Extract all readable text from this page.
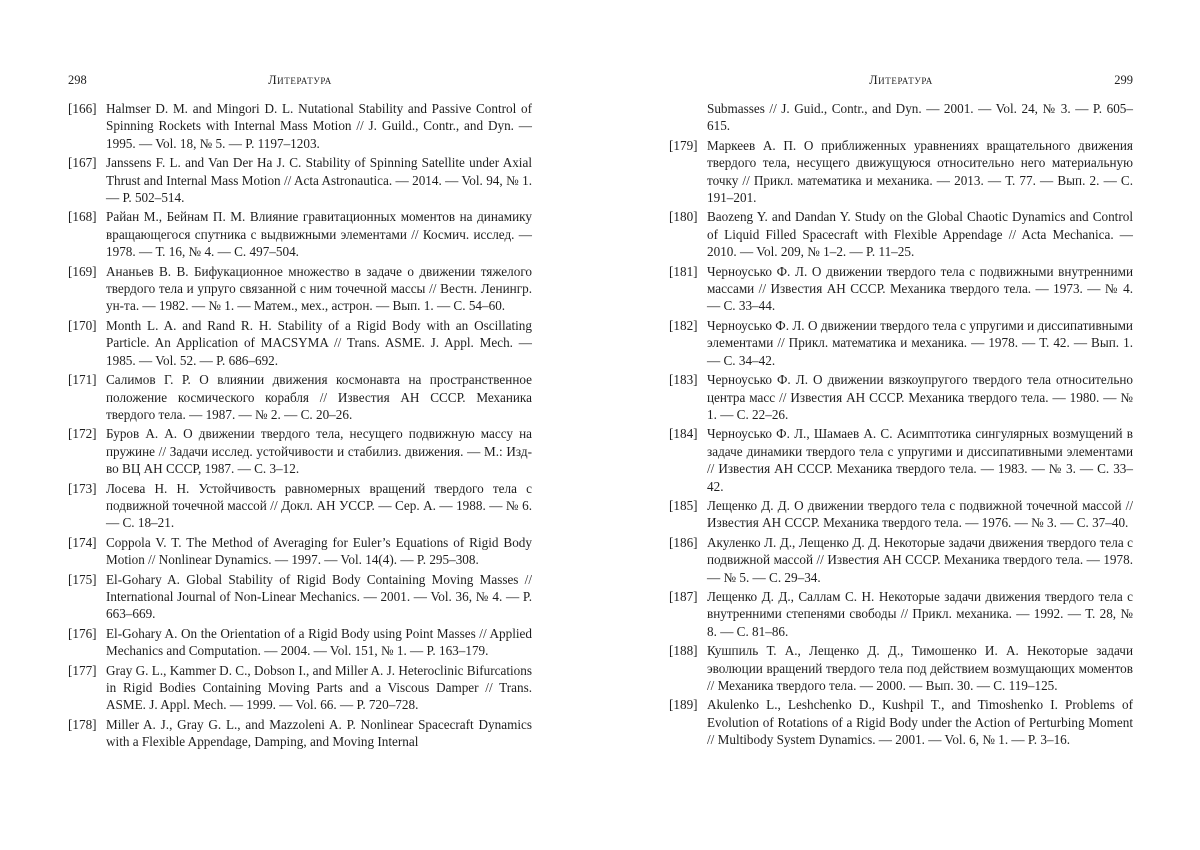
298	Литература
[166] Halmser D. M. and Mingori D. L. Nutational Stability and Passive Control of Spinning Rockets with Internal Mass Motion // J. Guild., Contr., and Dyn. — 1995. — Vol. 18, № 5. — P. 1197–1203.
[167] Janssens F. L. and Van Der Ha J. C. Stability of Spinning Satellite under Axial Thrust and Internal Mass Motion // Acta Astronautica. — 2014. — Vol. 94, № 1. — P. 502–514.
[168] Райан М., Бейнам П. М. Влияние гравитационных моментов на динамику вращающегося спутника с выдвижными элементами // Космич. исслед. — 1978. — Т. 16, № 4. — С. 497–504.
[169] Ананьев В. В. Бифукационное множество в задаче о движении тяжелого твердого тела и упруго связанной с ним точечной массы // Вестн. Ленингр. ун-та. — 1982. — № 1. — Матем., мех., астрон. — Вып. 1. — С. 54–60.
[170] Month L. A. and Rand R. H. Stability of a Rigid Body with an Oscillating Particle. An Application of MACSYMA // Trans. ASME. J. Appl. Mech. — 1985. — Vol. 52. — P. 686–692.
[171] Салимов Г. Р. О влиянии движения космонавта на пространственное положение космического корабля // Известия АН СССР. Механика твердого тела. — 1987. — № 2. — С. 20–26.
[172] Буров А. А. О движении твердого тела, несущего подвижную массу на пружине // Задачи исслед. устойчивости и стабилиз. движения. — М.: Изд-во ВЦ АН СССР, 1987. — С. 3–12.
[173] Лосева Н. Н. Устойчивость равномерных вращений твердого тела с подвижной точечной массой // Докл. АН УССР. — Сер. А. — 1988. — № 6. — С. 18–21.
[174] Coppola V. T. The Method of Averaging for Euler’s Equations of Rigid Body Motion // Nonlinear Dynamics. — 1997. — Vol. 14(4). — P. 295–308.
[175] El-Gohary A. Global Stability of Rigid Body Containing Moving Masses // International Journal of Non-Linear Mechanics. — 2001. — Vol. 36, № 4. — P. 663–669.
[176] El-Gohary A. On the Orientation of a Rigid Body using Point Masses // Applied Mechanics and Computation. — 2004. — Vol. 151, № 1. — P. 163–179.
[177] Gray G. L., Kammer D. C., Dobson I., and Miller A. J. Heteroclinic Bifurcations in Rigid Bodies Containing Moving Parts and a Viscous Damper // Trans. ASME. J. Appl. Mech. — 1999. — Vol. 66. — P. 720–728.
[178] Miller A. J., Gray G. L., and Mazzoleni A. P. Nonlinear Spacecraft Dynamics with a Flexible Appendage, Damping, and Moving Internal
Литература	299
Submasses // J. Guid., Contr., and Dyn. — 2001. — Vol. 24, № 3. — P. 605–615.
[179] Маркеев А. П. О приближенных уравнениях вращательного движения твердого тела, несущего движущуюся относительно него материальную точку // Прикл. математика и механика. — 2013. — Т. 77. — Вып. 2. — С. 191–201.
[180] Baozeng Y. and Dandan Y. Study on the Global Chaotic Dynamics and Control of Liquid Filled Spacecraft with Flexible Appendage // Acta Mechanica. — 2010. — Vol. 209, № 1–2. — P. 11–25.
[181] Черноусько Ф. Л. О движении твердого тела с подвижными внутренними массами // Известия АН СССР. Механика твердого тела. — 1973. — № 4. — С. 33–44.
[182] Черноусько Ф. Л. О движении твердого тела с упругими и диссипативными элементами // Прикл. математика и механика. — 1978. — Т. 42. — Вып. 1. — С. 34–42.
[183] Черноусько Ф. Л. О движении вязкоупругого твердого тела относительно центра масс // Известия АН СССР. Механика твердого тела. — 1980. — № 1. — С. 22–26.
[184] Черноусько Ф. Л., Шамаев А. С. Асимптотика сингулярных возмущений в задаче динамики твердого тела с упругими и диссипативными элементами // Известия АН СССР. Механика твердого тела. — 1983. — № 3. — С. 33–42.
[185] Лещенко Д. Д. О движении твердого тела с подвижной точечной массой // Известия АН СССР. Механика твердого тела. — 1976. — № 3. — С. 37–40.
[186] Акуленко Л. Д., Лещенко Д. Д. Некоторые задачи движения твердого тела с подвижной массой // Известия АН СССР. Механика твердого тела. — 1978. — № 5. — С. 29–34.
[187] Лещенко Д. Д., Саллам С. Н. Некоторые задачи движения твердого тела с внутренними степенями свободы // Прикл. механика. — 1992. — Т. 28, № 8. — С. 81–86.
[188] Кушпиль Т. А., Лещенко Д. Д., Тимошенко И. А. Некоторые задачи эволюции вращений твердого тела под действием возмущающих моментов // Механика твердого тела. — 2000. — Вып. 30. — С. 119–125.
[189] Akulenko L., Leshchenko D., Kushpil T., and Timoshenko I. Problems of Evolution of Rotations of a Rigid Body under the Action of Perturbing Moment // Multibody System Dynamics. — 2001. — Vol. 6, № 1. — P. 3–16.
